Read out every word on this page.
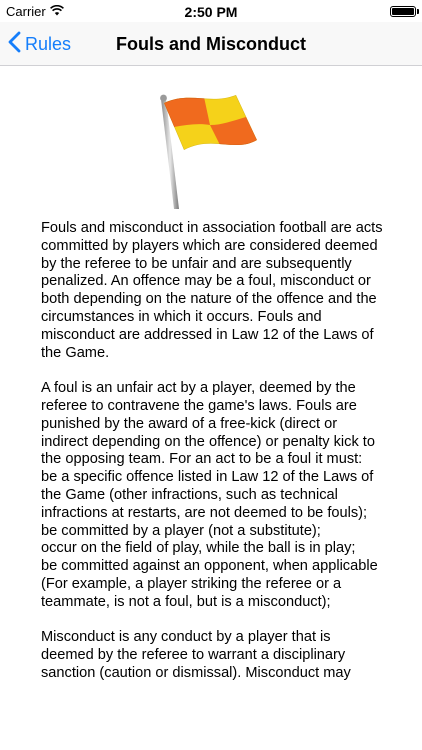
Carrier	2:50 PM
Rules	Fouls and Misconduct

Fouls and misconduct in association football are acts committed by players which are considered deemed by the referee to be unfair and are subsequently penalized. An offence may be a foul, misconduct or both depending on the nature of the offence and the circumstances in which it occurs. Fouls and misconduct are addressed in Law 12 of the Laws of the Game.

A foul is an unfair act by a player, deemed by the referee to contravene the game's laws. Fouls are punished by the award of a free-kick (direct or indirect depending on the offence) or penalty kick to the opposing team. For an act to be a foul it must:
be a specific offence listed in Law 12 of the Laws of the Game (other infractions, such as technical infractions at restarts, are not deemed to be fouls);
be committed by a player (not a substitute);
occur on the field of play, while the ball is in play;
be committed against an opponent, when applicable (For example, a player striking the referee or a teammate, is not a foul, but is a misconduct);

Misconduct is any conduct by a player that is deemed by the referee to warrant a disciplinary sanction (caution or dismissal). Misconduct may
